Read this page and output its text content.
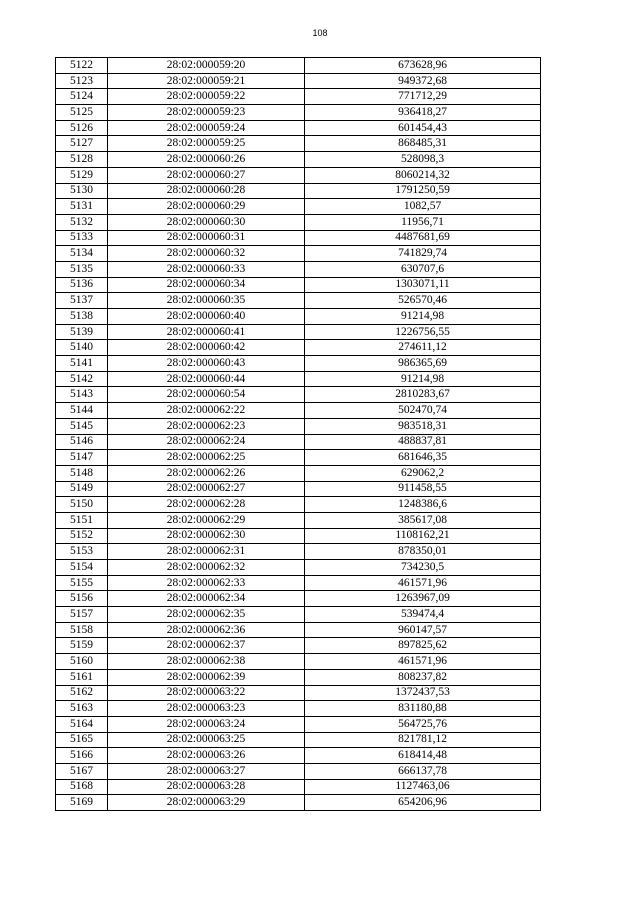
108
5122	28:02:000059:20	673628,96
5123	28:02:000059:21	949372,68
5124	28:02:000059:22	771712,29
5125	28:02:000059:23	936418,27
5126	28:02:000059:24	601454,43
5127	28:02:000059:25	868485,31
5128	28:02:000060:26	528098,3
5129	28:02:000060:27	8060214,32
5130	28:02:000060:28	1791250,59
5131	28:02:000060:29	1082,57
5132	28:02:000060:30	11956,71
5133	28:02:000060:31	4487681,69
5134	28:02:000060:32	741829,74
5135	28:02:000060:33	630707,6
5136	28:02:000060:34	1303071,11
5137	28:02:000060:35	526570,46
5138	28:02:000060:40	91214,98
5139	28:02:000060:41	1226756,55
5140	28:02:000060:42	274611,12
5141	28:02:000060:43	986365,69
5142	28:02:000060:44	91214,98
5143	28:02:000060:54	2810283,67
5144	28:02:000062:22	502470,74
5145	28:02:000062:23	983518,31
5146	28:02:000062:24	488837,81
5147	28:02:000062:25	681646,35
5148	28:02:000062:26	629062,2
5149	28:02:000062:27	911458,55
5150	28:02:000062:28	1248386,6
5151	28:02:000062:29	385617,08
5152	28:02:000062:30	1108162,21
5153	28:02:000062:31	878350,01
5154	28:02:000062:32	734230,5
5155	28:02:000062:33	461571,96
5156	28:02:000062:34	1263967,09
5157	28:02:000062:35	539474,4
5158	28:02:000062:36	960147,57
5159	28:02:000062:37	897825,62
5160	28:02:000062:38	461571,96
5161	28:02:000062:39	808237,82
5162	28:02:000063:22	1372437,53
5163	28:02:000063:23	831180,88
5164	28:02:000063:24	564725,76
5165	28:02:000063:25	821781,12
5166	28:02:000063:26	618414,48
5167	28:02:000063:27	666137,78
5168	28:02:000063:28	1127463,06
5169	28:02:000063:29	654206,96
